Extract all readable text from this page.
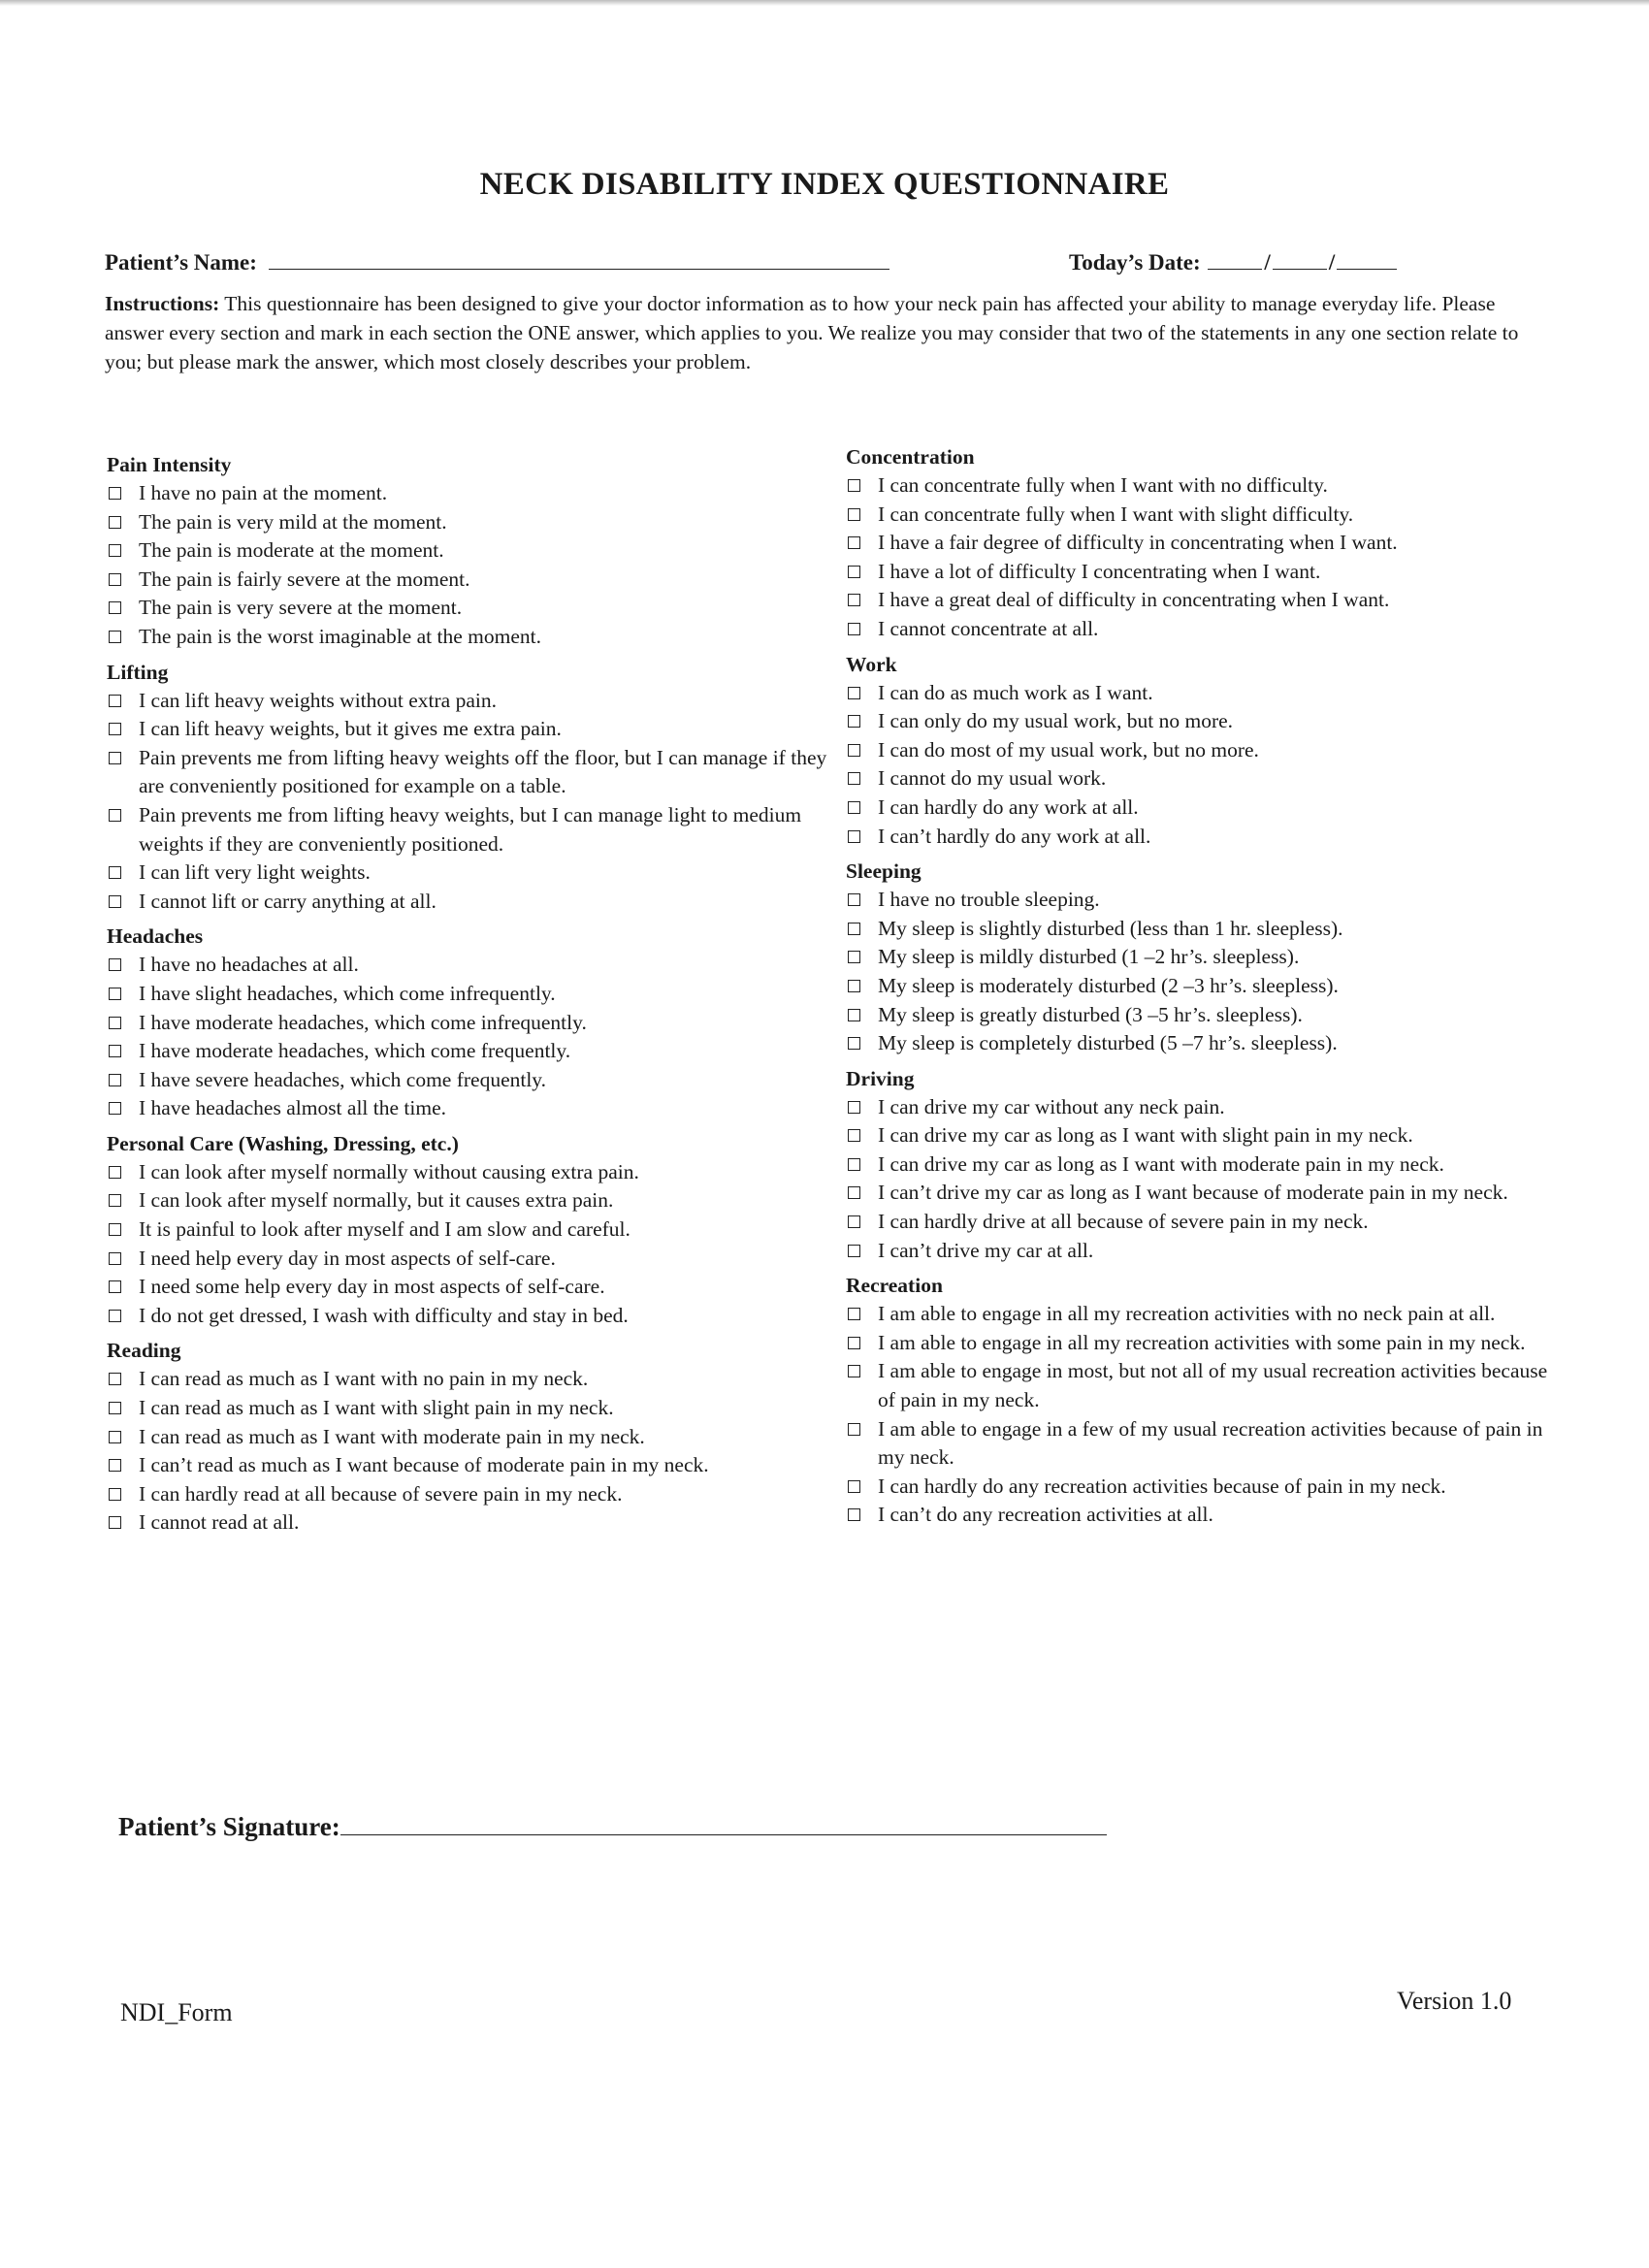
NECK DISABILITY INDEX QUESTIONNAIRE
Patient’s Name:	Today’s Date:	/	/
Instructions: This questionnaire has been designed to give your doctor information as to how your neck pain has affected your ability to manage everyday life. Please answer every section and mark in each section the ONE answer, which applies to you. We realize you may consider that two of the statements in any one section relate to you; but please mark the answer, which most closely describes your problem.
Pain Intensity
I have no pain at the moment.
The pain is very mild at the moment.
The pain is moderate at the moment.
The pain is fairly severe at the moment.
The pain is very severe at the moment.
The pain is the worst imaginable at the moment.
Lifting
I can lift heavy weights without extra pain.
I can lift heavy weights, but it gives me extra pain.
Pain prevents me from lifting heavy weights off the floor, but I can manage if they are conveniently positioned for example on a table.
Pain prevents me from lifting heavy weights, but I can manage light to medium weights if they are conveniently positioned.
I can lift very light weights.
I cannot lift or carry anything at all.
Headaches
I have no headaches at all.
I have slight headaches, which come infrequently.
I have moderate headaches, which come infrequently.
I have moderate headaches, which come frequently.
I have severe headaches, which come frequently.
I have headaches almost all the time.
Personal Care (Washing, Dressing, etc.)
I can look after myself normally without causing extra pain.
I can look after myself normally, but it causes extra pain.
It is painful to look after myself and I am slow and careful.
I need help every day in most aspects of self-care.
I need some help every day in most aspects of self-care.
I do not get dressed, I wash with difficulty and stay in bed.
Reading
I can read as much as I want with no pain in my neck.
I can read as much as I want with slight pain in my neck.
I can read as much as I want with moderate pain in my neck.
I can’t read as much as I want because of moderate pain in my neck.
I can hardly read at all because of severe pain in my neck.
I cannot read at all.
Concentration
I can concentrate fully when I want with no difficulty.
I can concentrate fully when I want with slight difficulty.
I have a fair degree of difficulty in concentrating when I want.
I have a lot of difficulty I concentrating when I want.
I have a great deal of difficulty in concentrating when I want.
I cannot concentrate at all.
Work
I can do as much work as I want.
I can only do my usual work, but no more.
I can do most of my usual work, but no more.
I cannot do my usual work.
I can hardly do any work at all.
I can’t hardly do any work at all.
Sleeping
I have no trouble sleeping.
My sleep is slightly disturbed (less than 1 hr. sleepless).
My sleep is mildly disturbed (1 –2 hr’s. sleepless).
My sleep is moderately disturbed (2 –3 hr’s. sleepless).
My sleep is greatly disturbed (3 –5 hr’s. sleepless).
My sleep is completely disturbed (5 –7 hr’s. sleepless).
Driving
I can drive my car without any neck pain.
I can drive my car as long as I want with slight pain in my neck.
I can drive my car as long as I want with moderate pain in my neck.
I can’t drive my car as long as I want because of moderate pain in my neck.
I can hardly drive at all because of severe pain in my neck.
I can’t drive my car at all.
Recreation
I am able to engage in all my recreation activities with no neck pain at all.
I am able to engage in all my recreation activities with some pain in my neck.
I am able to engage in most, but not all of my usual recreation activities because of pain in my neck.
I am able to engage in a few of my usual recreation activities because of pain in my neck.
I can hardly do any recreation activities because of pain in my neck.
I can’t do any recreation activities at all.
Patient’s Signature:
NDI_Form	Version 1.0
